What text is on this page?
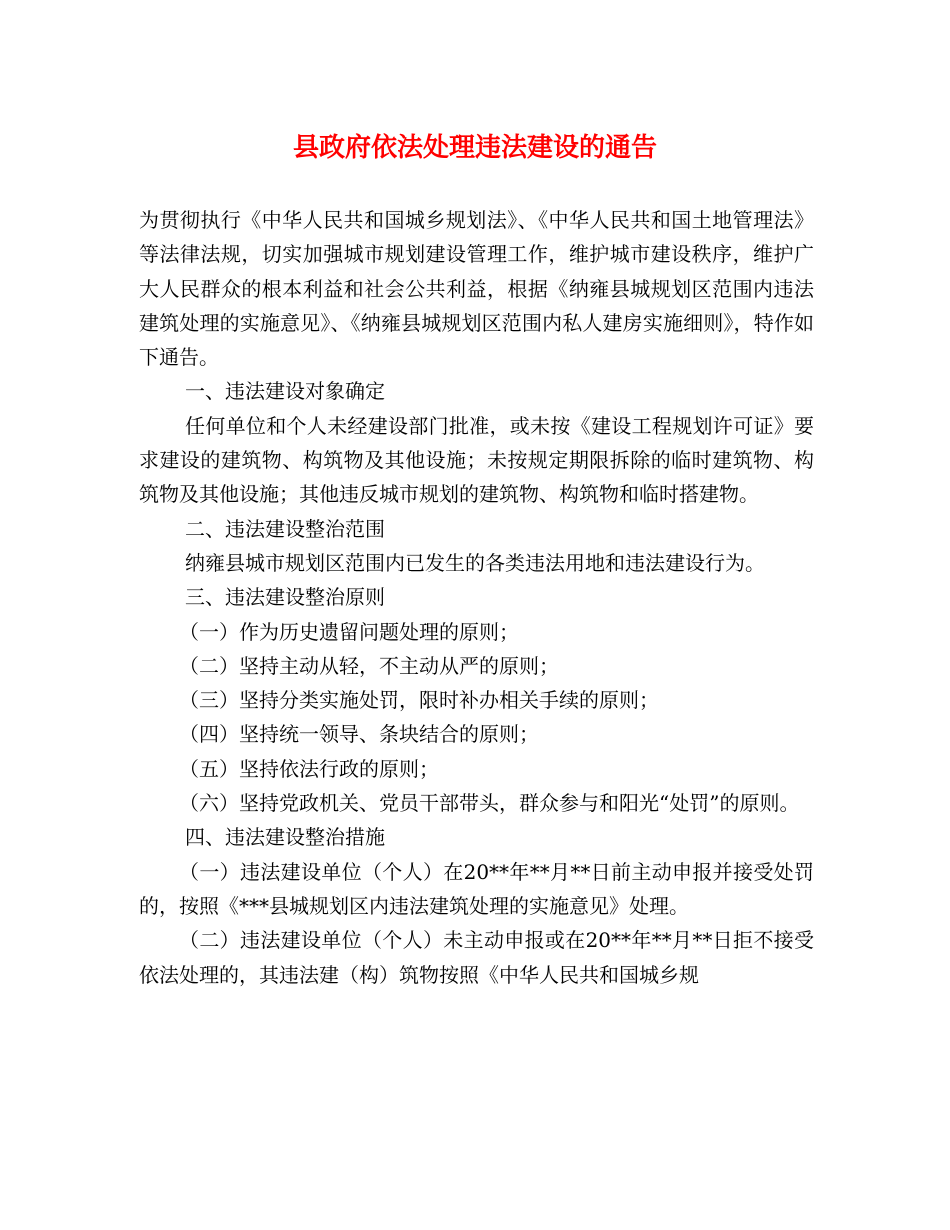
县政府依法处理违法建设的通告

为贯彻执行《中华人民共和国城乡规划法》、《中华人民共和国土地管理法》等法律法规，切实加强城市规划建设管理工作，维护城市建设秩序，维护广大人民群众的根本利益和社会公共利益，根据《纳雍县城规划区范围内违法建筑处理的实施意见》、《纳雍县城规划区范围内私人建房实施细则》，特作如下通告。

一、违法建设对象确定

任何单位和个人未经建设部门批准，或未按《建设工程规划许可证》要求建设的建筑物、构筑物及其他设施；未按规定期限拆除的临时建筑物、构筑物及其他设施；其他违反城市规划的建筑物、构筑物和临时搭建物。

二、违法建设整治范围

纳雍县城市规划区范围内已发生的各类违法用地和违法建设行为。

三、违法建设整治原则

（一）作为历史遗留问题处理的原则；

（二）坚持主动从轻，不主动从严的原则；

（三）坚持分类实施处罚，限时补办相关手续的原则；

（四）坚持统一领导、条块结合的原则；

（五）坚持依法行政的原则；

（六）坚持党政机关、党员干部带头，群众参与和阳光“处罚”的原则。

四、违法建设整治措施

（一）违法建设单位（个人）在20**年**月**日前主动申报并接受处罚的，按照《***县城规划区内违法建筑处理的实施意见》处理。

（二）违法建设单位（个人）未主动申报或在20**年**月**日拒不接受依法处理的，其违法建（构）筑物按照《中华人民共和国城乡规
